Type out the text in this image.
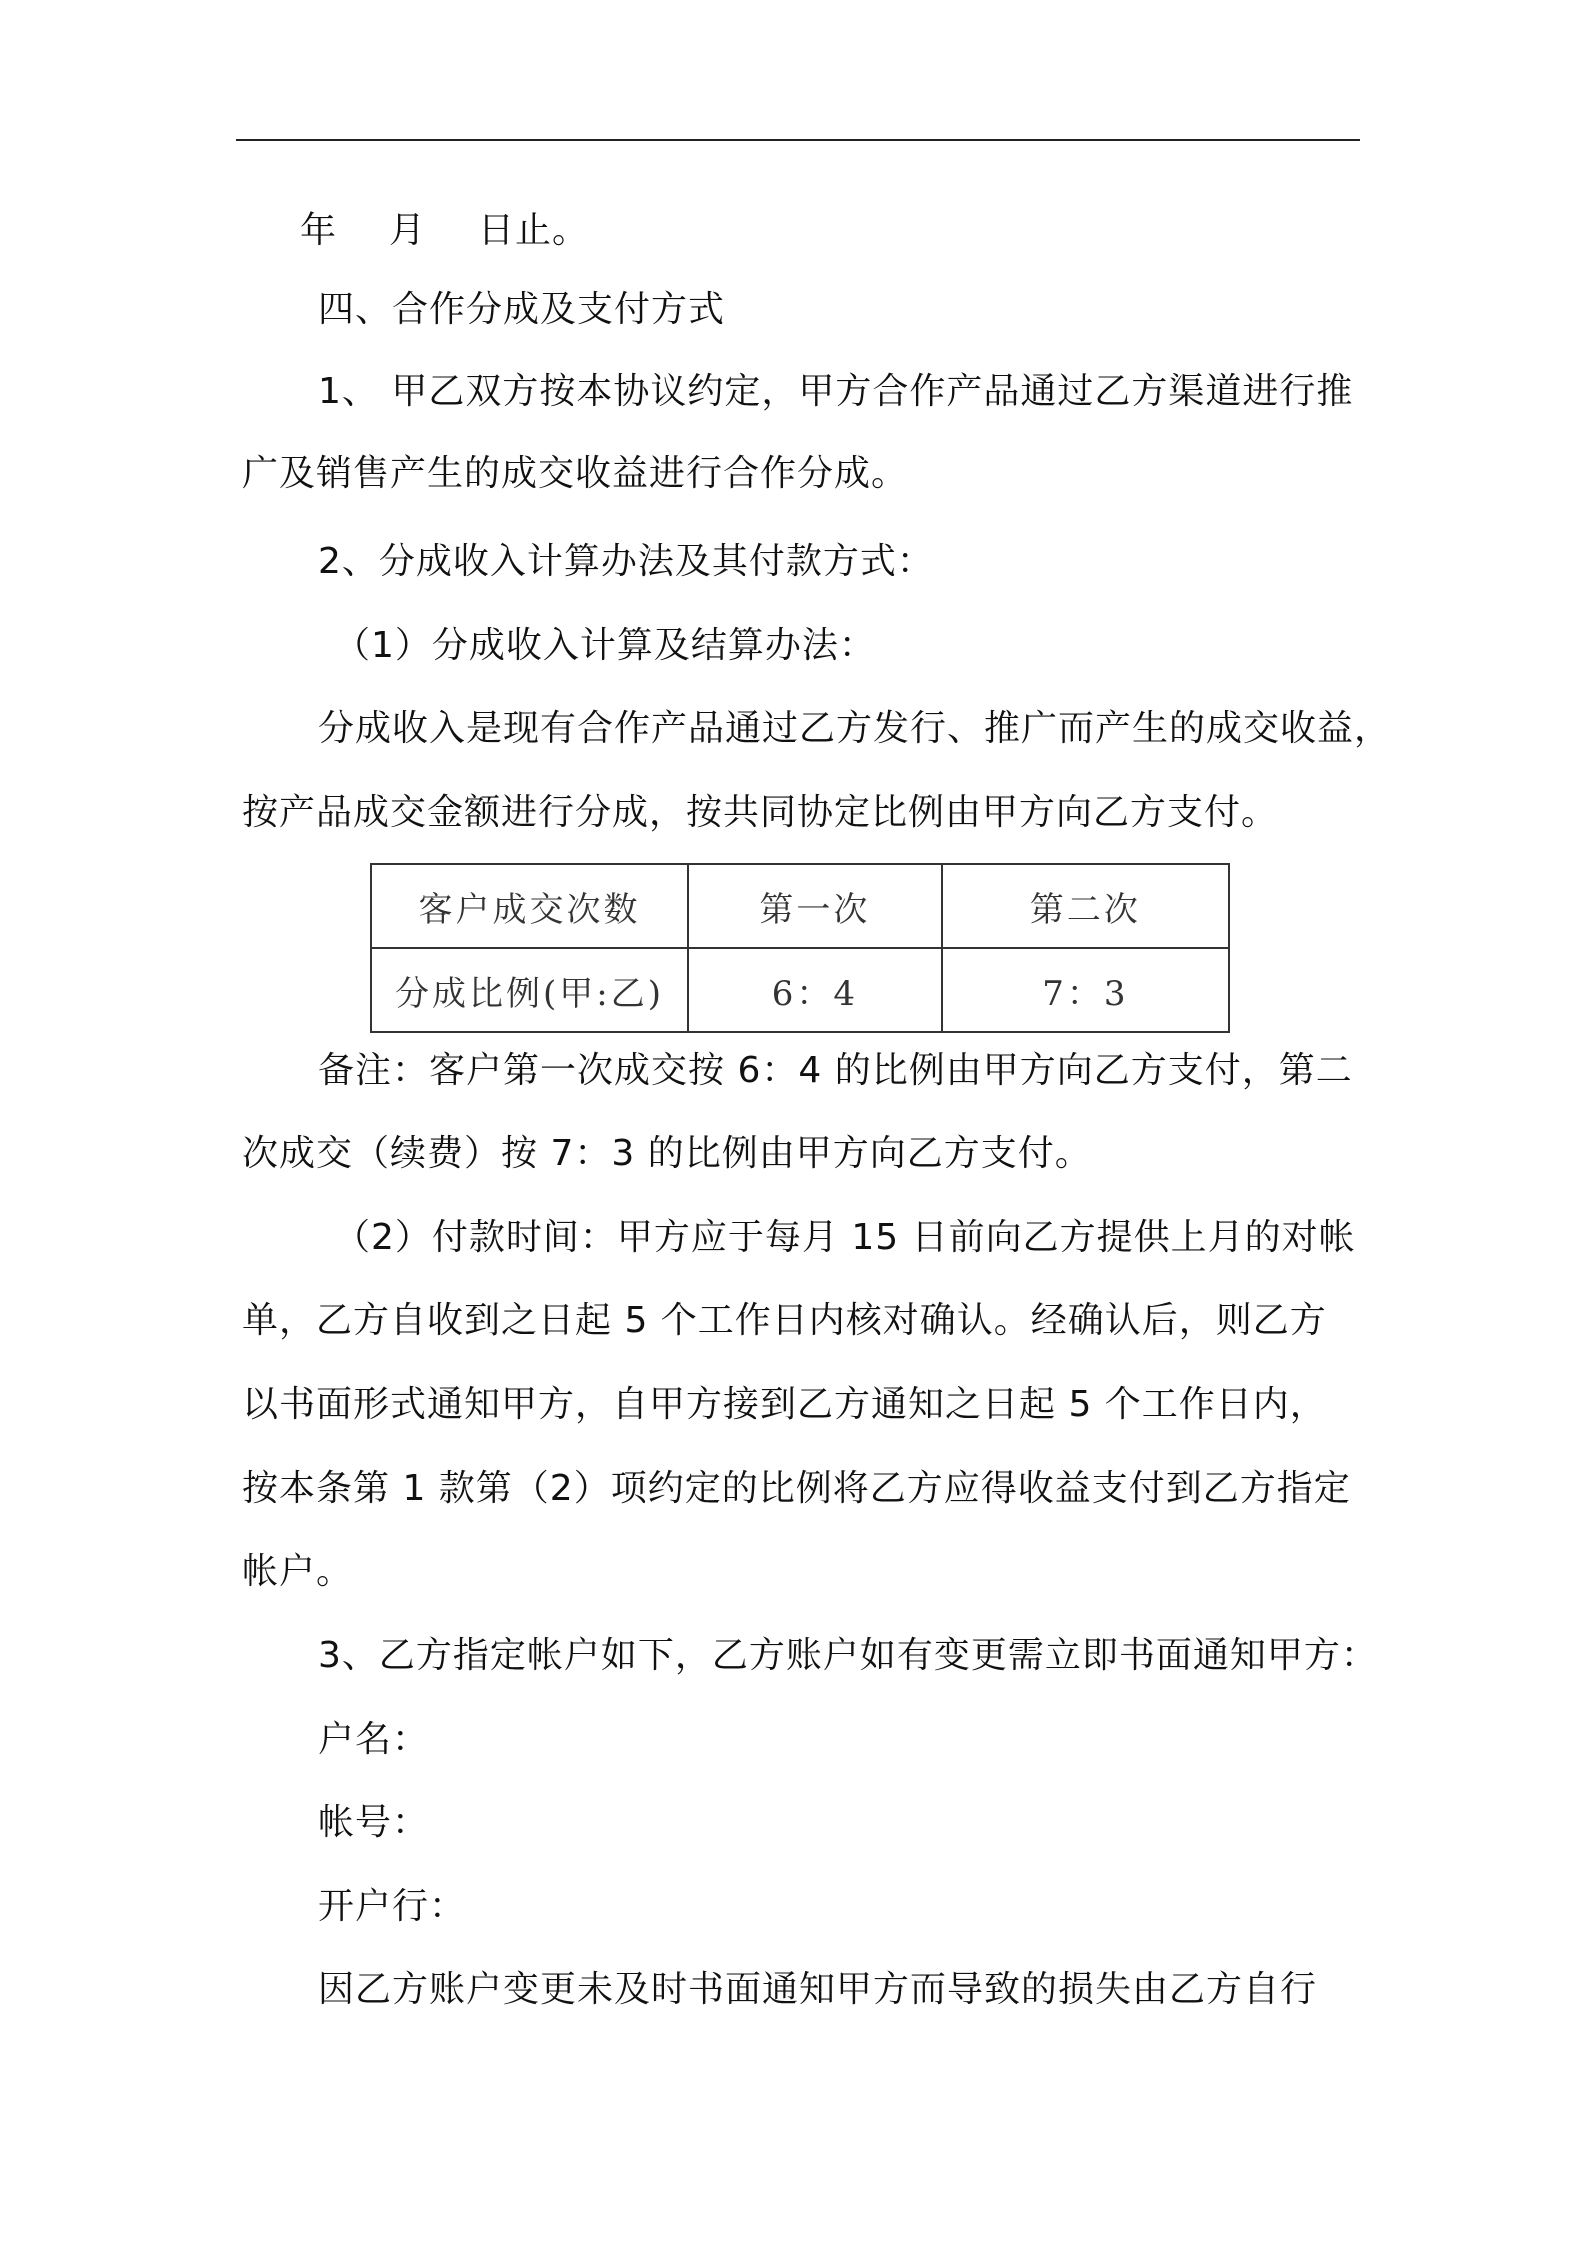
年 月 日止。
四、合作分成及支付方式
1、 甲乙双方按本协议约定，甲方合作产品通过乙方渠道进行推
广及销售产生的成交收益进行合作分成。
2、分成收入计算办法及其付款方式：
（1）分成收入计算及结算办法：
分成收入是现有合作产品通过乙方发行、推广而产生的成交收益，
按产品成交金额进行分成，按共同协定比例由甲方向乙方支付。
客户成交次数	第一次	第二次
分成比例(甲:乙)	6：4	7：3
备注：客户第一次成交按 6：4 的比例由甲方向乙方支付，第二
次成交（续费）按 7：3 的比例由甲方向乙方支付。
（2）付款时间：甲方应于每月 15 日前向乙方提供上月的对帐
单，乙方自收到之日起 5 个工作日内核对确认。经确认后，则乙方
以书面形式通知甲方，自甲方接到乙方通知之日起 5 个工作日内，
按本条第 1 款第（2）项约定的比例将乙方应得收益支付到乙方指定
帐户。
3、乙方指定帐户如下，乙方账户如有变更需立即书面通知甲方：
户名：
帐号：
开户行：
因乙方账户变更未及时书面通知甲方而导致的损失由乙方自行
